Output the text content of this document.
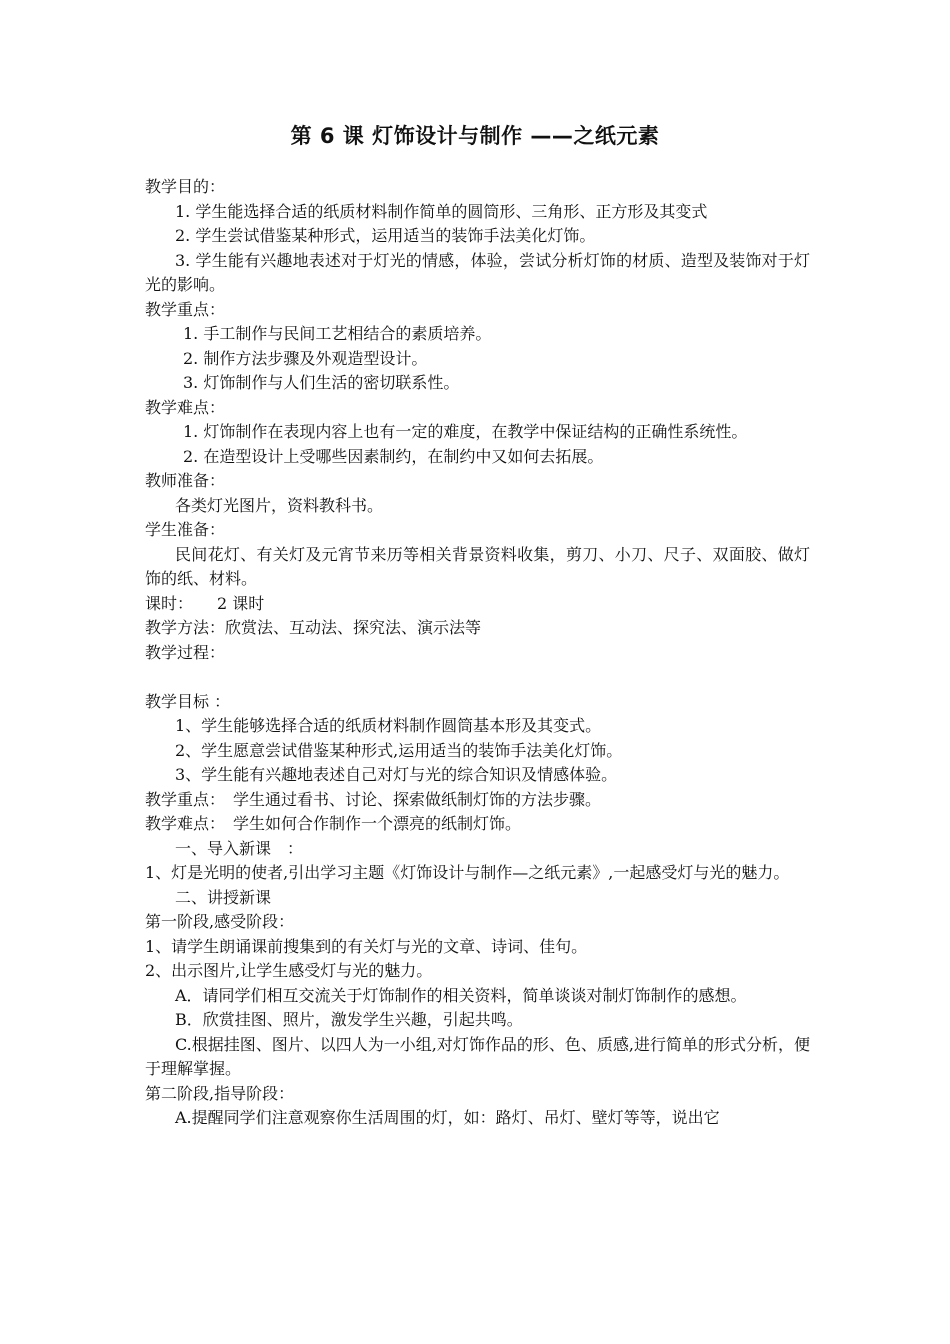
第 6 课 灯饰设计与制作 ——之纸元素

教学目的：

1. 学生能选择合适的纸质材料制作简单的圆筒形、三角形、正方形及其变式

2. 学生尝试借鉴某种形式，运用适当的装饰手法美化灯饰。

3. 学生能有兴趣地表述对于灯光的情感，体验，尝试分析灯饰的材质、造型及装饰对于灯光的影响。

教学重点：

1. 手工制作与民间工艺相结合的素质培养。

2. 制作方法步骤及外观造型设计。

3. 灯饰制作与人们生活的密切联系性。

教学难点：

1. 灯饰制作在表现内容上也有一定的难度，在教学中保证结构的正确性系统性。

2. 在造型设计上受哪些因素制约，在制约中又如何去拓展。

教师准备：

各类灯光图片，资料教科书。

学生准备：

民间花灯、有关灯及元宵节来历等相关背景资料收集，剪刀、小刀、尺子、双面胶、做灯饰的纸、材料。

课时：　　2 课时

教学方法：欣赏法、互动法、探究法、演示法等

教学过程：

教学目标 ：

1、学生能够选择合适的纸质材料制作圆筒基本形及其变式。

2、学生愿意尝试借鉴某种形式,运用适当的装饰手法美化灯饰。

3、学生能有兴趣地表述自己对灯与光的综合知识及情感体验。

教学重点：　学生通过看书、讨论、探索做纸制灯饰的方法步骤。

教学难点：　学生如何合作制作一个漂亮的纸制灯饰。

一、导入新课　：

1、灯是光明的使者,引出学习主题《灯饰设计与制作—之纸元素》,一起感受灯与光的魅力。

二、讲授新课

第一阶段,感受阶段：

1、请学生朗诵课前搜集到的有关灯与光的文章、诗词、佳句。

2、出示图片,让学生感受灯与光的魅力。

A．请同学们相互交流关于灯饰制作的相关资料，简单谈谈对制灯饰制作的感想。

B．欣赏挂图、照片，激发学生兴趣，引起共鸣。

C.根据挂图、图片、以四人为一小组,对灯饰作品的形、色、质感,进行简单的形式分析，便于理解掌握。

第二阶段,指导阶段：

A.提醒同学们注意观察你生活周围的灯，如：路灯、吊灯、壁灯等等，说出它
